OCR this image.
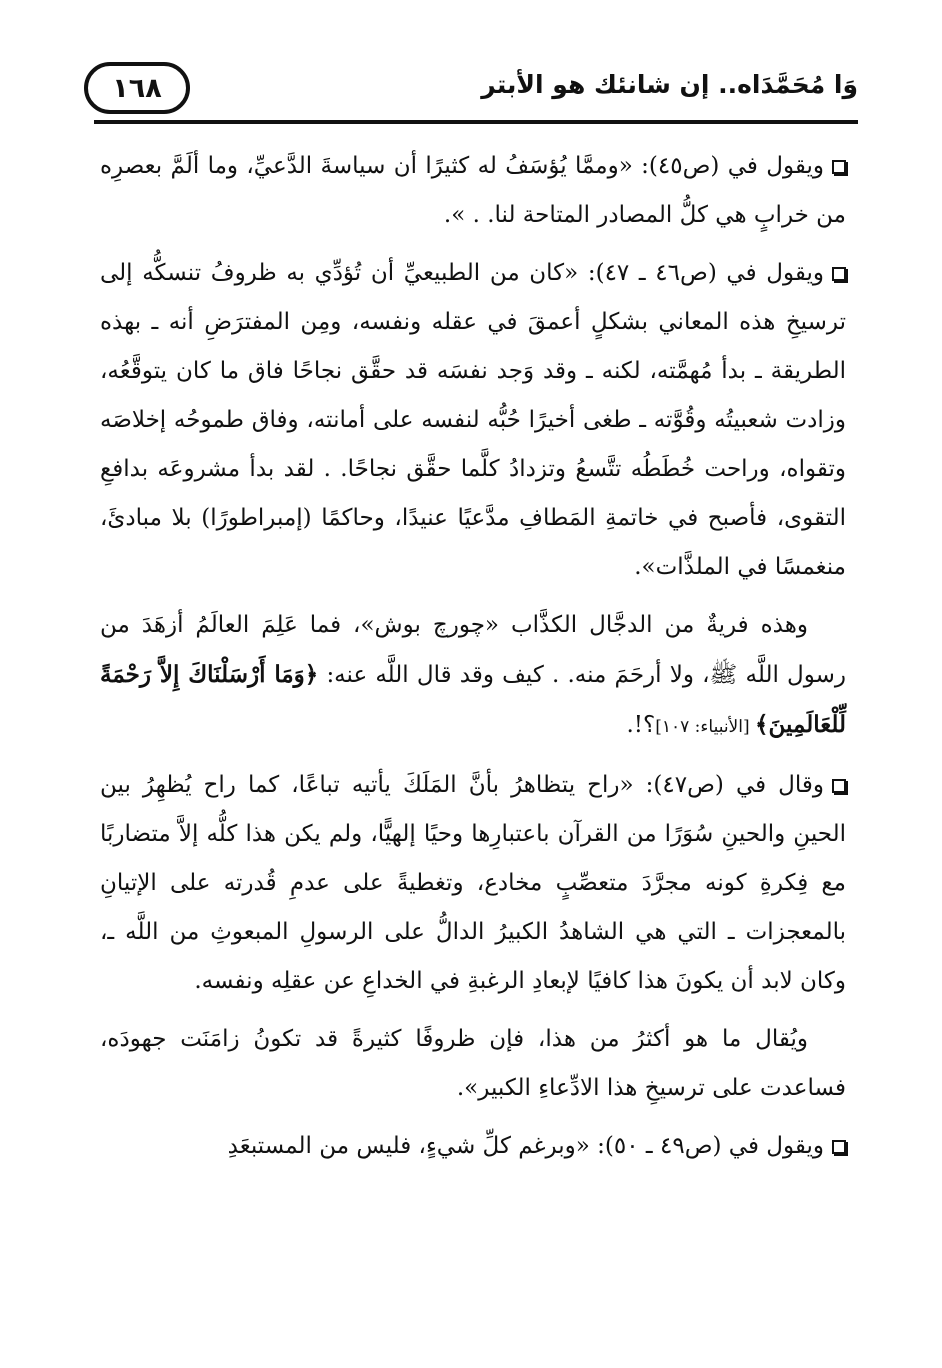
وَا مُحَمَّدَاه.. إن شانئك هو الأبتر
١٦٨

ويقول في (ص٤٥): «وممَّا يُؤسَفُ له كثيرًا أن سياسةَ الدَّعيِّ، وما ألَمَّ بعصرِه من خرابٍ هي كلُّ المصادر المتاحة لنا. . ».

ويقول في (ص٤٦ ـ ٤٧): «كان من الطبيعيِّ أن تُؤدِّي به ظروفُ تنسكُّه إلى ترسيخِ هذه المعاني بشكلٍ أعمقَ في عقله ونفسه، ومِن المفترَضِ أنه ـ بهذه الطريقة ـ بدأ مُهمَّته، لكنه ـ وقد وَجد نفسَه قد حقَّق نجاحًا فاق ما كان يتوقَّعُه، وزادت شعبيتُه وقُوَّته ـ طغى أخيرًا حُبُّه لنفسه على أمانته، وفاق طموحُه إخلاصَه وتقواه، وراحت خُطَطُه تتَّسعُ وتزدادُ كلَّما حقَّق نجاحًا. . لقد بدأ مشروعَه بدافعِ التقوى، فأصبح في خاتمةِ المَطافِ مدَّعيًا عنيدًا، وحاكمًا (إمبراطورًا) بلا مبادئَ، منغمسًا في الملذَّات».

وهذه فريةٌ من الدجَّال الكذَّاب «چورچ بوش»، فما عَلِمَ العالَمُ أزهَدَ من رسول اللَّه ﷺ، ولا أرحَمَ منه. . كيف وقد قال اللَّه عنه: ﴿وَمَا أَرْسَلْنَاكَ إِلاَّ رَحْمَةً لِّلْعَالَمِينَ﴾ [الأنبياء: ١٠٧]؟!.

وقال في (ص٤٧): «راح يتظاهرُ بأنَّ المَلَكَ يأتيه تباعًا، كما راح يُظهِرُ بين الحينِ والحينِ سُوَرًا من القرآن باعتبارِها وحيًا إلهيًّا، ولم يكن هذا كلُّه إلاَّ متضاربًا مع فِكرةِ كونه مجرَّدَ متعصِّبٍ مخادع، وتغطيةً على عدمِ قُدرته على الإتيانِ بالمعجزات ـ التي هي الشاهدُ الكبيرُ الدالُّ على الرسولِ المبعوثِ من اللَّه ـ، وكان لابد أن يكونَ هذا كافيًا لإبعادِ الرغبةِ في الخداعِ عن عقلِه ونفسه.

ويُقال ما هو أكثرُ من هذا، فإن ظروفًا كثيرةً قد تكونُ زامَنَت جهودَه، فساعدت على ترسيخِ هذا الادِّعاءِ الكبير».

ويقول في (ص٤٩ ـ ٥٠): «وبرغم كلِّ شيءٍ، فليس من المستبعَدِ
